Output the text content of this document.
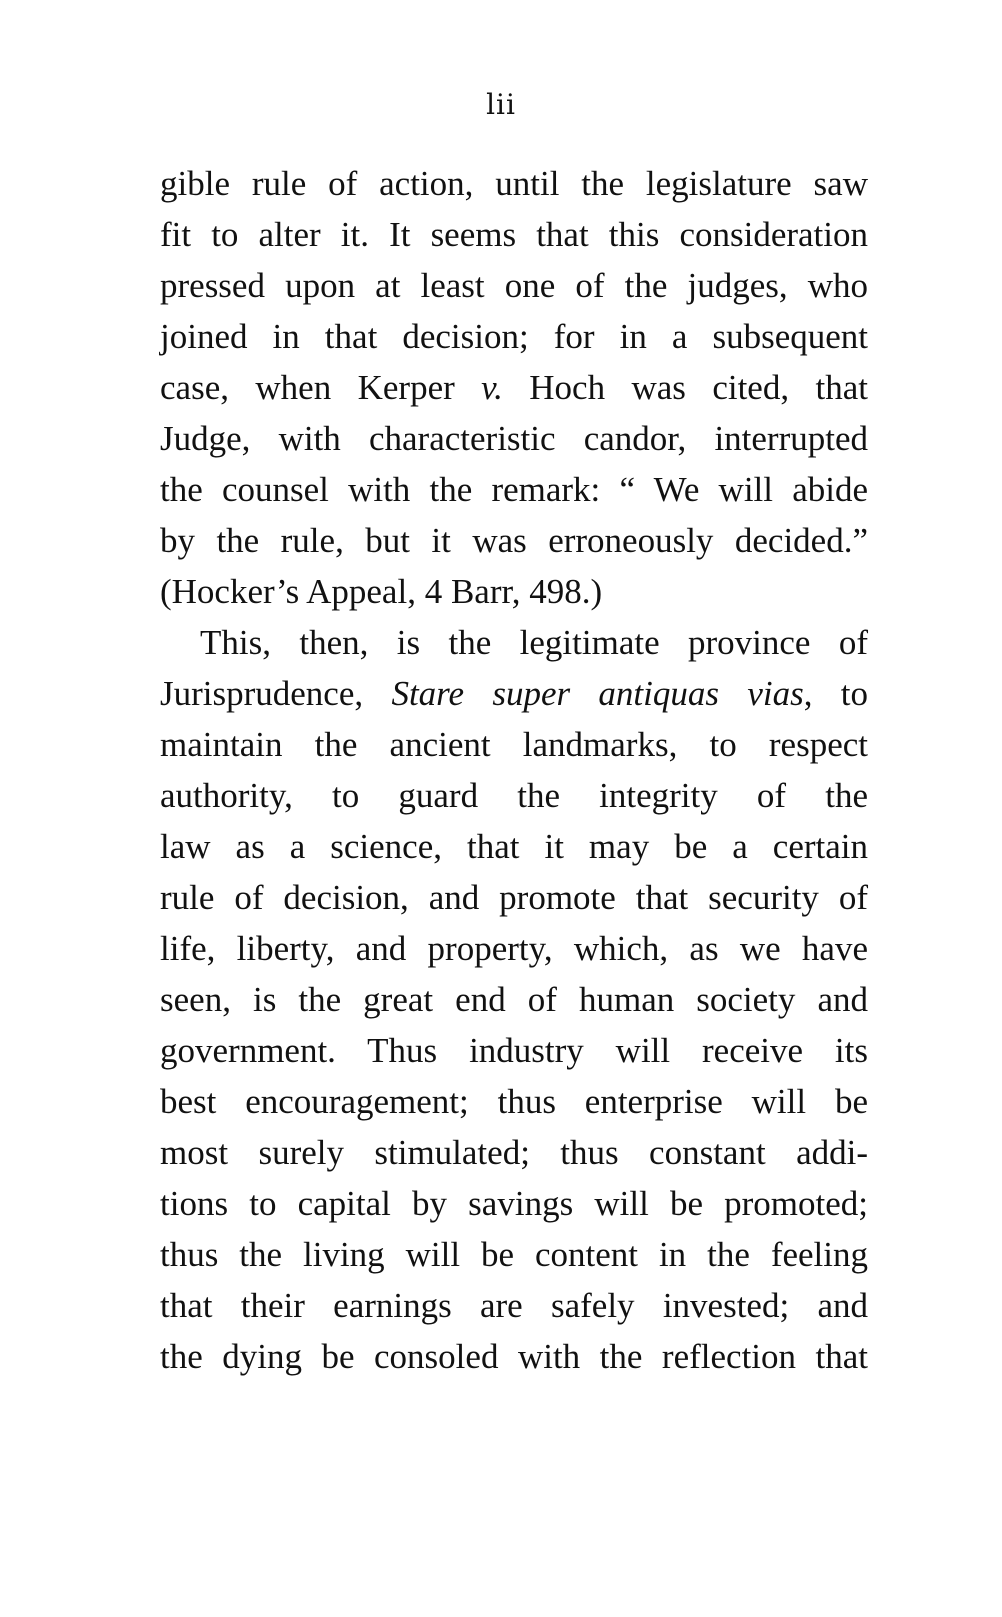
lii
gible rule of action, until the legislature saw
fit to alter it. It seems that this consideration
pressed upon at least one of the judges, who
joined in that decision; for in a subsequent
case, when Kerper v. Hoch was cited, that
Judge, with characteristic candor, interrupted
the counsel with the remark: “ We will abide
by the rule, but it was erroneously decided.”
(Hocker’s Appeal, 4 Barr, 498.)
This, then, is the legitimate province of
Jurisprudence, Stare super antiquas vias, to
maintain the ancient landmarks, to respect
authority, to guard the integrity of the
law as a science, that it may be a certain
rule of decision, and promote that security of
life, liberty, and property, which, as we have
seen, is the great end of human society and
government. Thus industry will receive its
best encouragement; thus enterprise will be
most surely stimulated; thus constant addi-
tions to capital by savings will be promoted;
thus the living will be content in the feeling
that their earnings are safely invested; and
the dying be consoled with the reflection that
